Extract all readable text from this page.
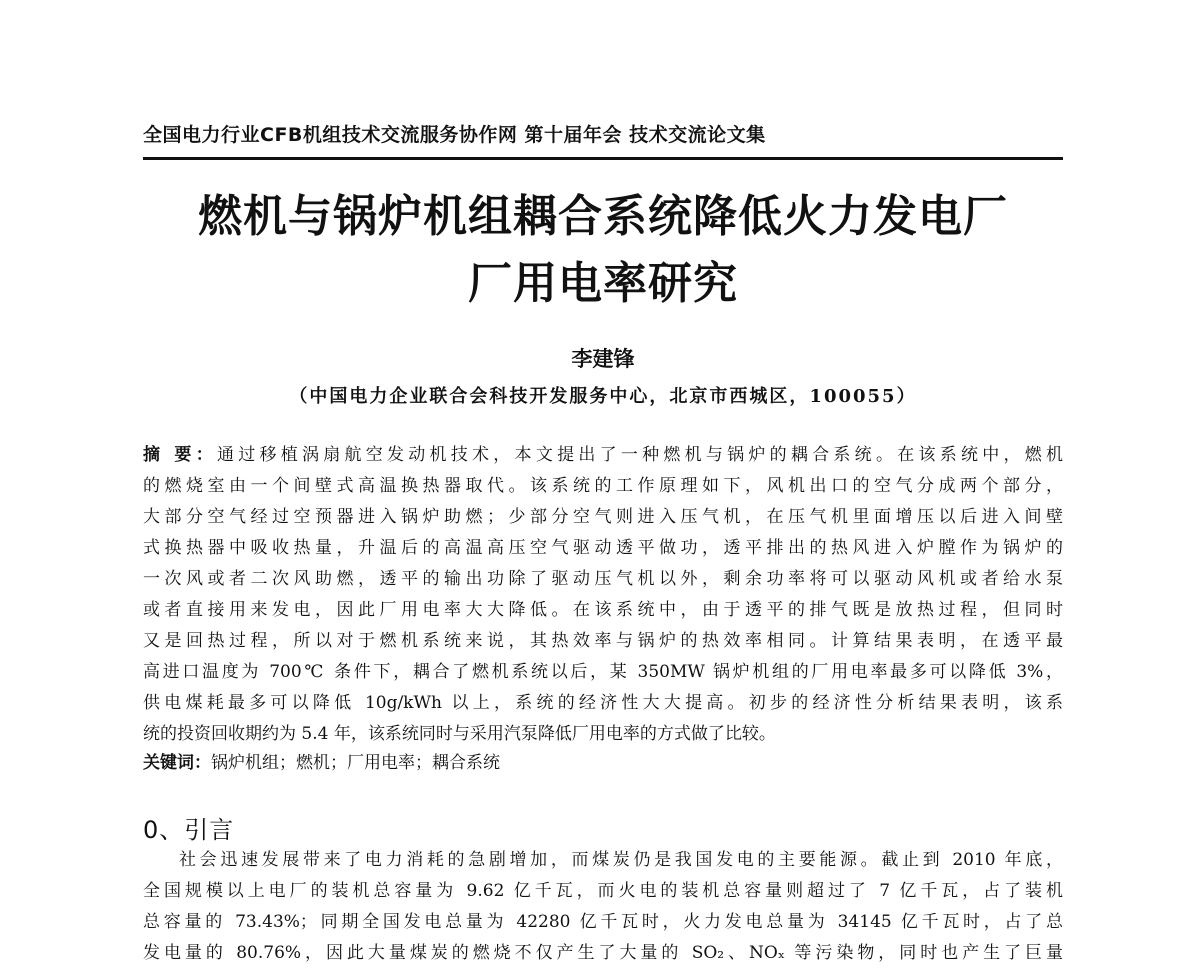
全国电力行业CFB机组技术交流服务协作网 第十届年会 技术交流论文集
燃机与锅炉机组耦合系统降低火力发电厂
厂用电率研究
李建锋
（中国电力企业联合会科技开发服务中心，北京市西城区，100055）
摘 要：通过移植涡扇航空发动机技术，本文提出了一种燃机与锅炉的耦合系统。在该系统中，燃机
的燃烧室由一个间壁式高温换热器取代。该系统的工作原理如下，风机出口的空气分成两个部分，
大部分空气经过空预器进入锅炉助燃；少部分空气则进入压气机，在压气机里面增压以后进入间壁
式换热器中吸收热量，升温后的高温高压空气驱动透平做功，透平排出的热风进入炉膛作为锅炉的
一次风或者二次风助燃，透平的输出功除了驱动压气机以外，剩余功率将可以驱动风机或者给水泵
或者直接用来发电，因此厂用电率大大降低。在该系统中，由于透平的排气既是放热过程，但同时
又是回热过程，所以对于燃机系统来说，其热效率与锅炉的热效率相同。计算结果表明，在透平最
高进口温度为 700℃ 条件下，耦合了燃机系统以后，某 350MW 锅炉机组的厂用电率最多可以降低 3%，
供电煤耗最多可以降低 10g/kWh 以上，系统的经济性大大提高。初步的经济性分析结果表明，该系
统的投资回收期约为 5.4 年，该系统同时与采用汽泵降低厂用电率的方式做了比较。
关键词：锅炉机组；燃机；厂用电率；耦合系统
0、引言
社会迅速发展带来了电力消耗的急剧增加，而煤炭仍是我国发电的主要能源。截止到 2010 年底，
全国规模以上电厂的装机总容量为 9.62 亿千瓦，而火电的装机总容量则超过了 7 亿千瓦，占了装机
总容量的 73.43%；同期全国发电总量为 42280 亿千瓦时，火力发电总量为 34145 亿千瓦时，占了总
发电量的 80.76%，因此大量煤炭的燃烧不仅产生了大量的 SO₂、NOₓ 等污染物，同时也产生了巨量
